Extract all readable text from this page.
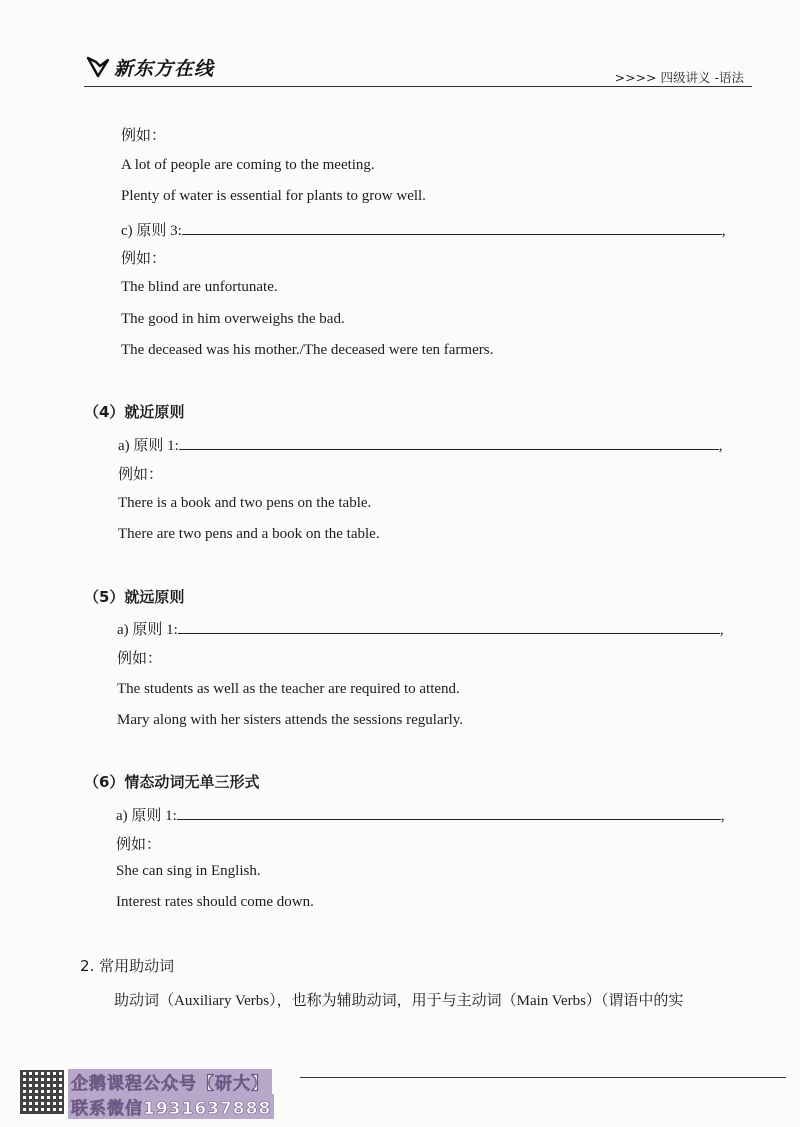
新东方在线	>>>> 四级讲义 -语法
例如：
A lot of people are coming to the meeting.
Plenty of water is essential for plants to grow well.
c) 原则 3:	,
例如：
The blind are unfortunate.
The good in him overweighs the bad.
The deceased was his mother./The deceased were ten farmers.
（4）就近原则
a) 原则 1:	,
例如：
There is a book and two pens on the table.
There are two pens and a book on the table.
（5）就远原则
a) 原则 1:	,
例如：
The students as well as the teacher are required to attend.
Mary along with her sisters attends the sessions regularly.
（6）情态动词无单三形式
a) 原则 1:	,
例如：
She can sing in English.
Interest rates should come down.
2. 常用助动词
助动词（Auxiliary Verbs），也称为辅助动词，用于与主动词（Main Verbs）（谓语中的实
企鹅课程公众号【研大】
联系微信1931637888
